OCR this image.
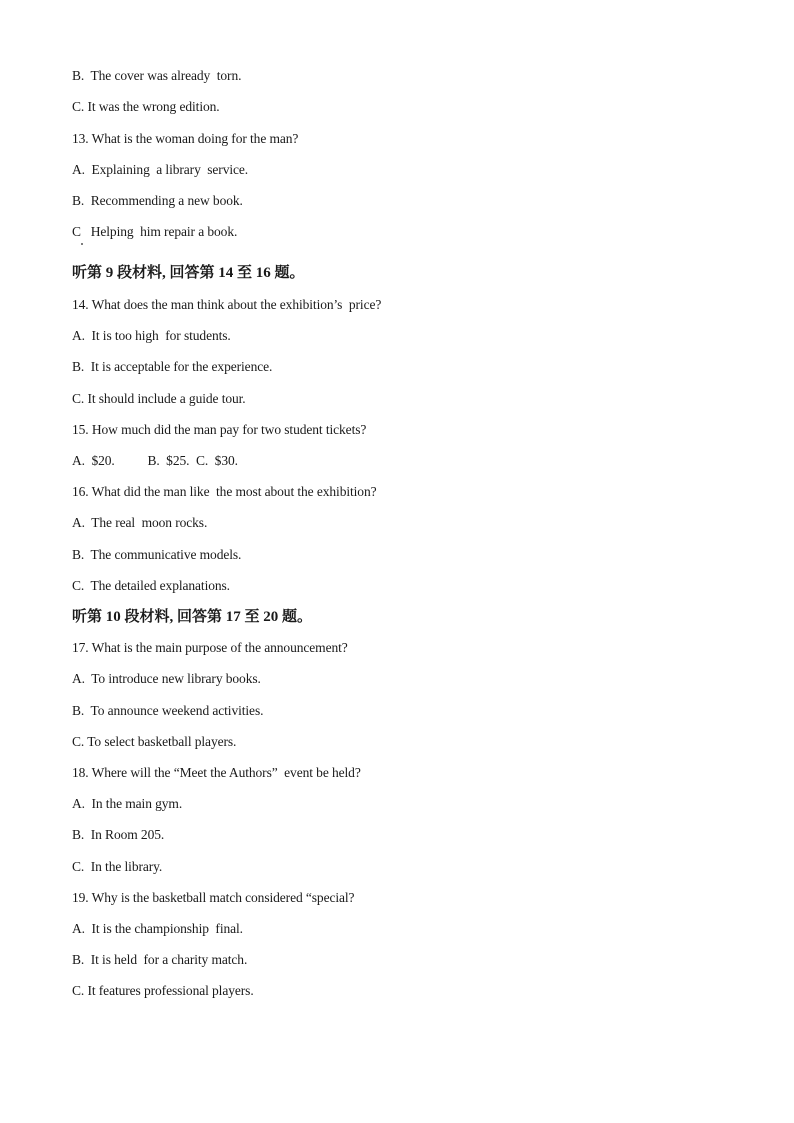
B.  The cover was already  torn.
C. It was the wrong edition.
13. What is the woman doing for the man?
A.  Explaining  a library  service.
B.  Recommending a new book.
C   Helping  him repair a book.
听第 9 段材料, 回答第 14 至 16 题。
14. What does the man think about the exhibition’s  price?
A.  It is too high  for students.
B.  It is acceptable for the experience.
C. It should include a guide tour.
15. How much did the man pay for two student tickets?
A.  $20.          B.  $25.  C.  $30.
16. What did the man like  the most about the exhibition?
A.  The real  moon rocks.
B.  The communicative models.
C.  The detailed explanations.
听第 10 段材料, 回答第 17 至 20 题。
17. What is the main purpose of the announcement?
A.  To introduce new library books.
B.  To announce weekend activities.
C. To select basketball players.
18. Where will the “Meet the Authors”  event be held?
A.  In the main gym.
B.  In Room 205.
C.  In the library.
19. Why is the basketball match considered “special?
A.  It is the championship  final.
B.  It is held  for a charity match.
C. It features professional players.
